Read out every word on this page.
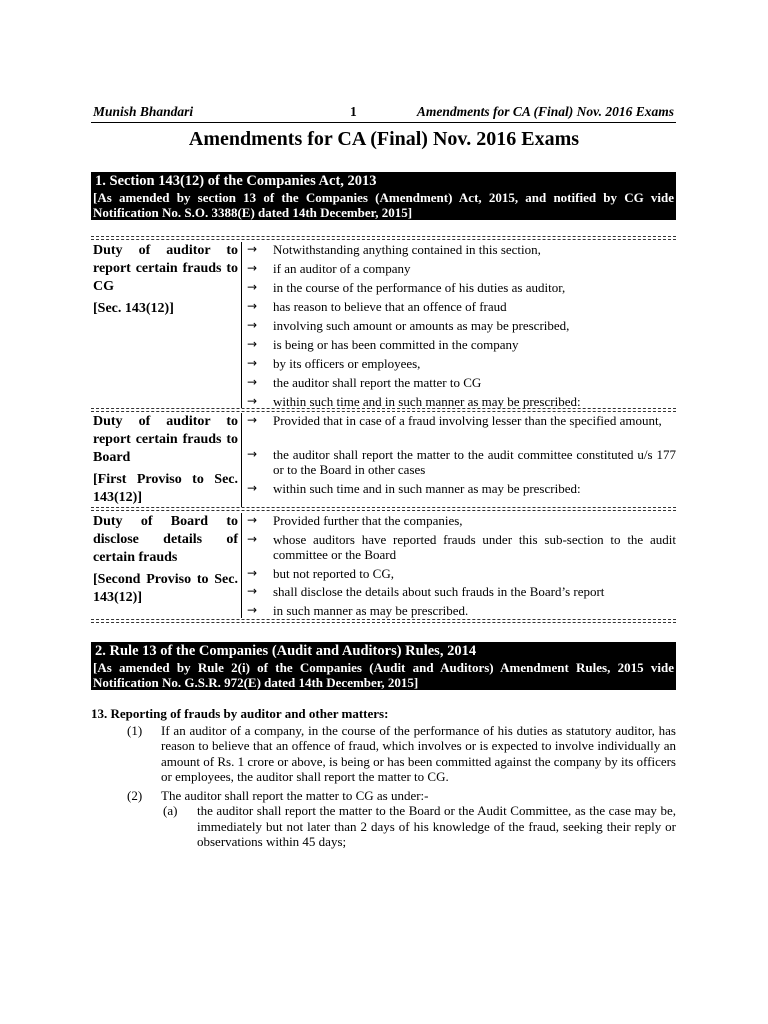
Munish Bhandari	1	Amendments for CA (Final) Nov. 2016 Exams
Amendments for CA (Final) Nov. 2016 Exams
1. Section 143(12) of the Companies Act, 2013
[As amended by section 13 of the Companies (Amendment) Act, 2015, and notified by CG vide Notification No. S.O. 3388(E) dated 14th December, 2015]
Duty of auditor to report certain frauds to CG
[Sec. 143(12)]
→ Notwithstanding anything contained in this section,
→ if an auditor of a company
→ in the course of the performance of his duties as auditor,
→ has reason to believe that an offence of fraud
→ involving such amount or amounts as may be prescribed,
→ is being or has been committed in the company
→ by its officers or employees,
→ the auditor shall report the matter to CG
→ within such time and in such manner as may be prescribed:
Duty of auditor to report certain frauds to Board
[First Proviso to Sec. 143(12)]
→ Provided that in case of a fraud involving lesser than the specified amount,
→ the auditor shall report the matter to the audit committee constituted u/s 177 or to the Board in other cases
→ within such time and in such manner as may be prescribed:
Duty of Board to disclose details of certain frauds
[Second Proviso to Sec. 143(12)]
→ Provided further that the companies,
→ whose auditors have reported frauds under this sub-section to the audit committee or the Board
→ but not reported to CG,
→ shall disclose the details about such frauds in the Board’s report
→ in such manner as may be prescribed.
2. Rule 13 of the Companies (Audit and Auditors) Rules, 2014
[As amended by Rule 2(i) of the Companies (Audit and Auditors) Amendment Rules, 2015 vide Notification No. G.S.R. 972(E) dated 14th December, 2015]
13. Reporting of frauds by auditor and other matters:
(1) If an auditor of a company, in the course of the performance of his duties as statutory auditor, has reason to believe that an offence of fraud, which involves or is expected to involve individually an amount of Rs. 1 crore or above, is being or has been committed against the company by its officers or employees, the auditor shall report the matter to CG.
(2) The auditor shall report the matter to CG as under:-
(a) the auditor shall report the matter to the Board or the Audit Committee, as the case may be, immediately but not later than 2 days of his knowledge of the fraud, seeking their reply or observations within 45 days;
